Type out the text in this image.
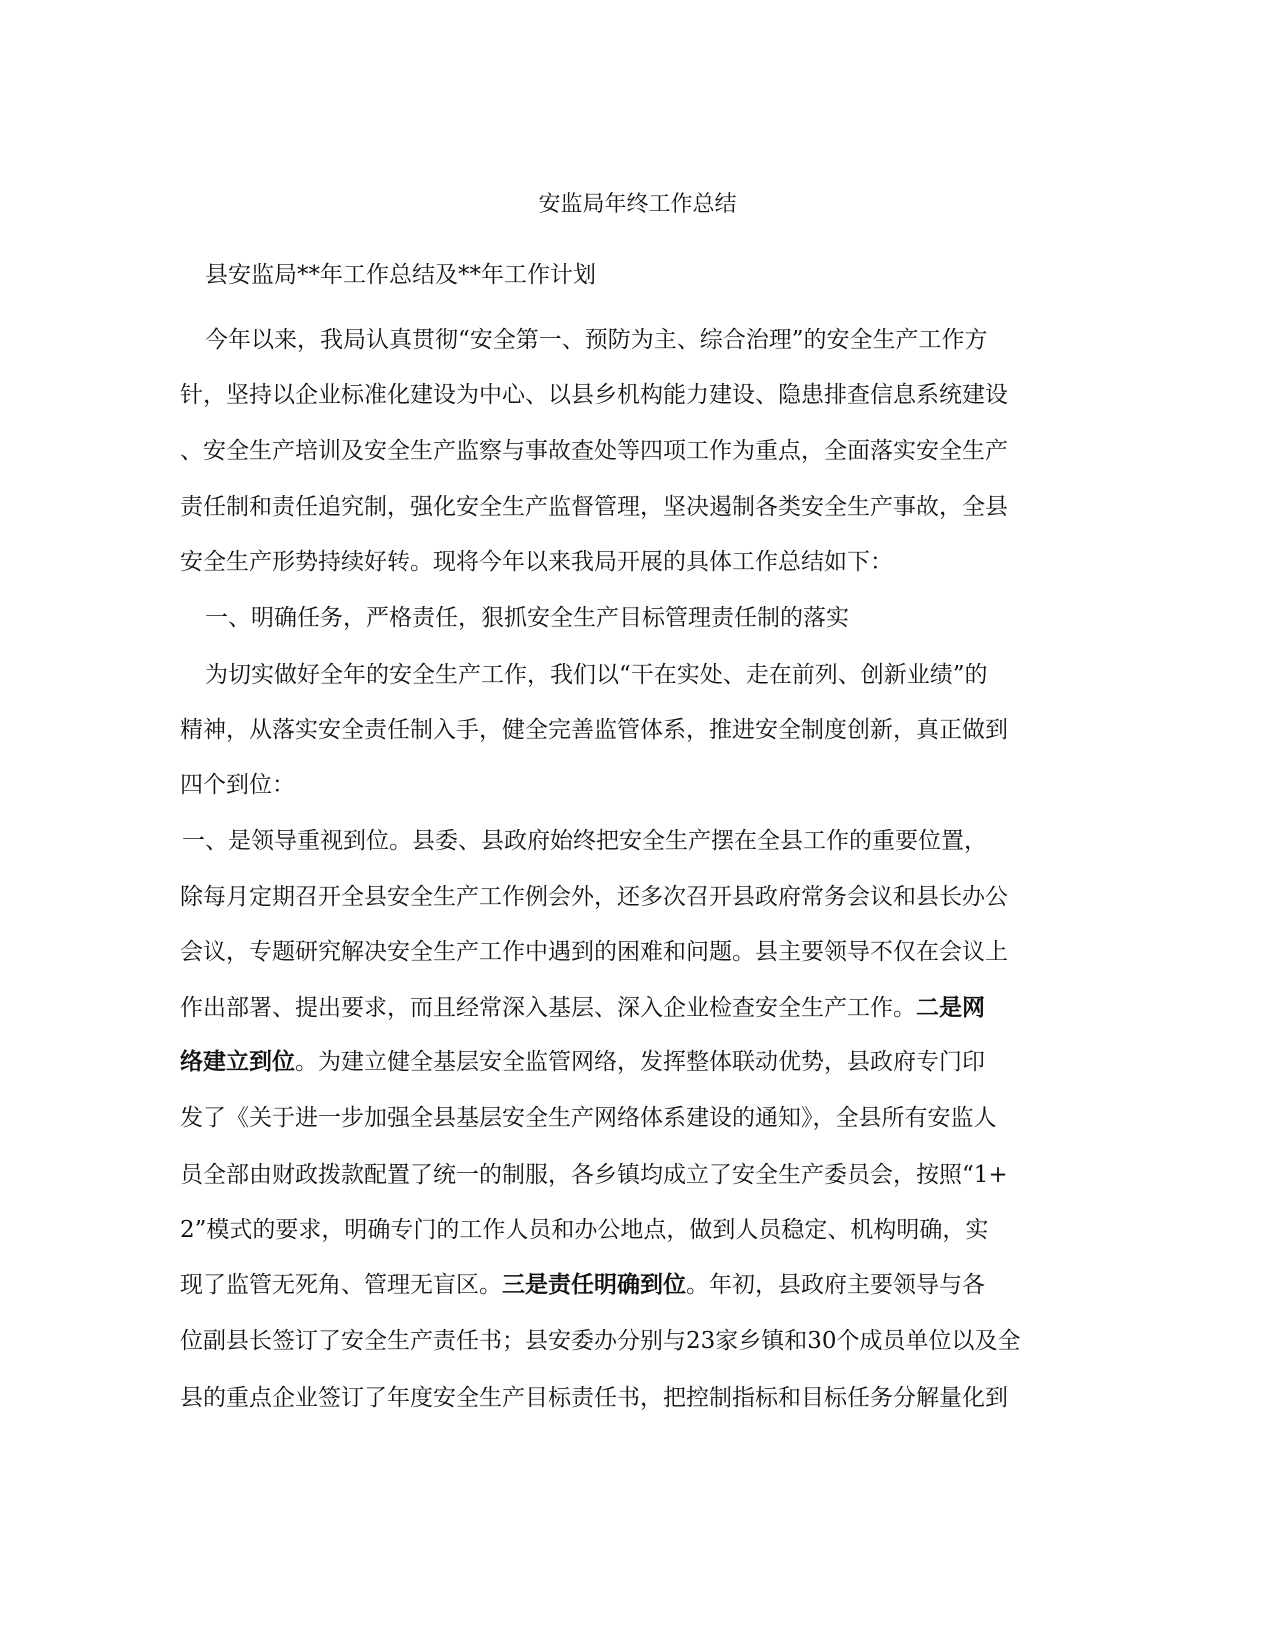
安监局年终工作总结
县安监局**年工作总结及**年工作计划
今年以来，我局认真贯彻“安全第一、预防为主、综合治理”的安全生产工作方
针，坚持以企业标准化建设为中心、以县乡机构能力建设、隐患排查信息系统建设
、安全生产培训及安全生产监察与事故查处等四项工作为重点，全面落实安全生产
责任制和责任追究制，强化安全生产监督管理，坚决遏制各类安全生产事故，全县
安全生产形势持续好转。现将今年以来我局开展的具体工作总结如下：
一、明确任务，严格责任，狠抓安全生产目标管理责任制的落实
为切实做好全年的安全生产工作，我们以“干在实处、走在前列、创新业绩”的
精神，从落实安全责任制入手，健全完善监管体系，推进安全制度创新，真正做到
四个到位：
一、是领导重视到位。县委、县政府始终把安全生产摆在全县工作的重要位置，
除每月定期召开全县安全生产工作例会外，还多次召开县政府常务会议和县长办公
会议，专题研究解决安全生产工作中遇到的困难和问题。县主要领导不仅在会议上
作出部署、提出要求，而且经常深入基层、深入企业检查安全生产工作。二是网
络建立到位。为建立健全基层安全监管网络，发挥整体联动优势，县政府专门印
发了《关于进一步加强全县基层安全生产网络体系建设的通知》，全县所有安监人
员全部由财政拨款配置了统一的制服，各乡镇均成立了安全生产委员会，按照“1+
2”模式的要求，明确专门的工作人员和办公地点，做到人员稳定、机构明确，实
现了监管无死角、管理无盲区。三是责任明确到位。年初，县政府主要领导与各
位副县长签订了安全生产责任书；县安委办分别与23家乡镇和30个成员单位以及全
县的重点企业签订了年度安全生产目标责任书，把控制指标和目标任务分解量化到
